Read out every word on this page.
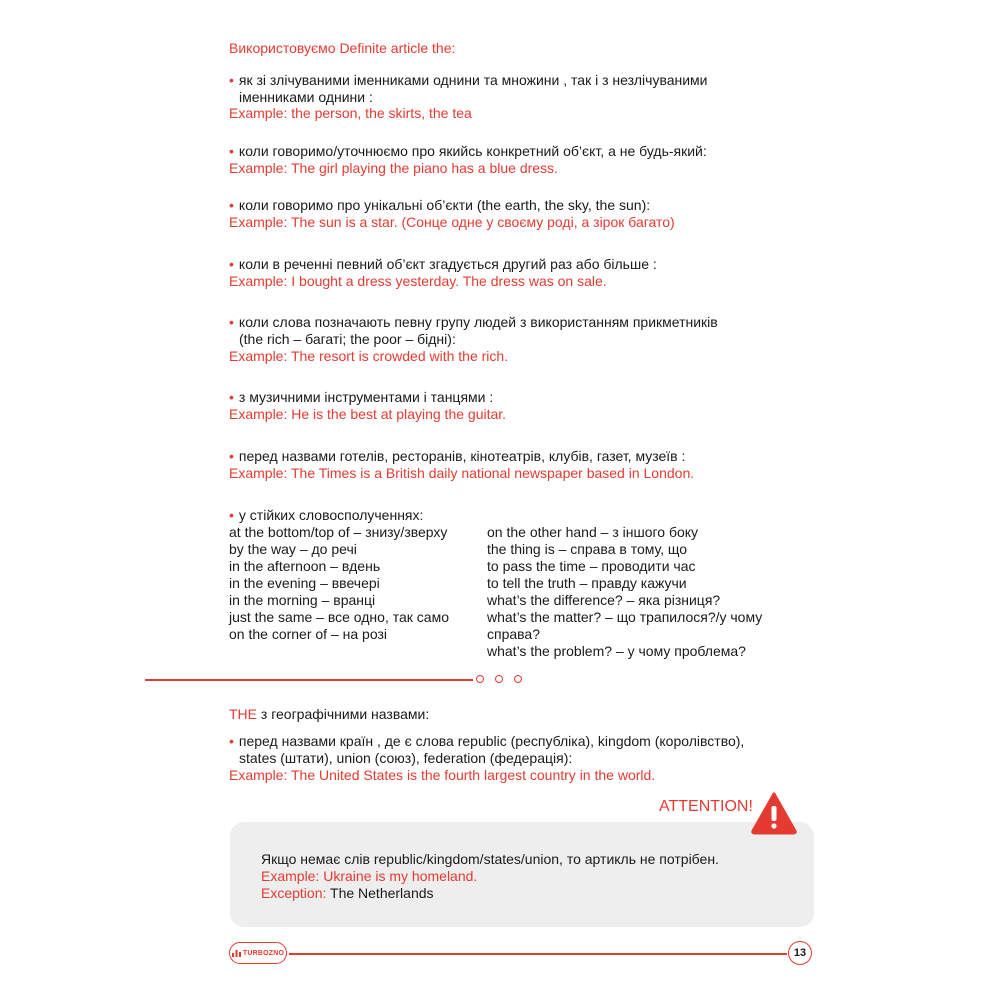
Використовуємо Definite article the:
• як зі злічуваними іменниками однини та множини , так і з незлічуваними
іменниками однини :
Example: the person, the skirts, the tea
• коли говоримо/уточнюємо про якийсь конкретний об’єкт, а не будь-який:
Example: The girl playing the piano has a blue dress.
• коли говоримо про унікальні об’єкти (the earth, the sky, the sun):
Example: The sun is a star. (Сонце одне у своєму роді, а зірок багато)
• коли в реченні певний об’єкт згадується другий раз або більше :
Example: I bought a dress yesterday. The dress was on sale.
• коли слова позначають певну групу людей з використанням прикметників
(the rich – багаті; the poor – бідні):
Example: The resort is crowded with the rich.
• з музичними інструментами і танцями :
Example: He is the best at playing the guitar.
• перед назвами готелів, ресторанів, кінотеатрів, клубів, газет, музеїв :
Example: The Times is a British daily national newspaper based in London.
• у стійких словосполученнях:
at the bottom/top of – знизу/зверху
by the way – до речі
in the afternoon – вдень
in the evening – ввечері
in the morning – вранці
just the same – все одно, так само
on the corner of – на розі
on the other hand – з іншого боку
the thing is – справа в тому, що
to pass the time – проводити час
to tell the truth – правду кажучи
what’s the difference? – яка різниця?
what’s the matter? – що трапилося?/у чому
справа?
what’s the problem? – у чому проблема?
THE з географічними назвами:
• перед назвами країн , де є слова republic (республіка), kingdom (королівство),
states (штати), union (союз), federation (федерація):
Example: The United States is the fourth largest country in the world.
ATTENTION!
Якщо немає слів republic/kingdom/states/union, то артикль не потрібен.
Example: Ukraine is my homeland.
Exception: The Netherlands
TURBOZNO	13
